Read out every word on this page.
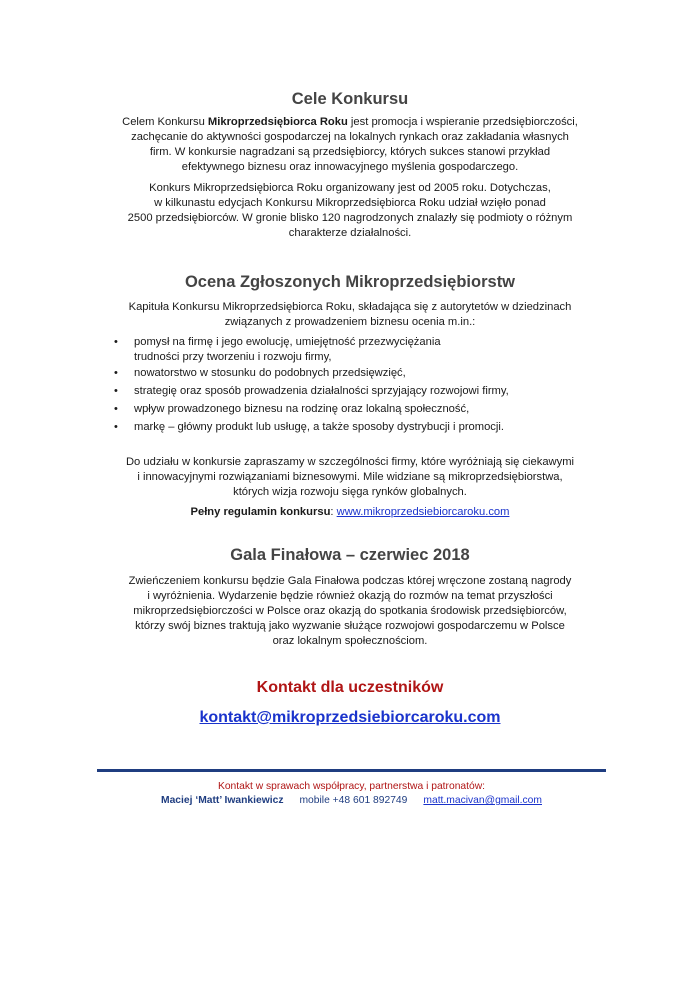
Cele Konkursu

Celem Konkursu Mikroprzedsiębiorca Roku jest promocja i wspieranie przedsiębiorczości,
zachęcanie do aktywności gospodarczej na lokalnych rynkach oraz zakładania własnych
firm. W konkursie nagradzani są przedsiębiorcy, których sukces stanowi przykład
efektywnego biznesu oraz innowacyjnego myślenia gospodarczego.

Konkurs Mikroprzedsiębiorca Roku organizowany jest od 2005 roku. Dotychczas,
w kilkunastu edycjach Konkursu Mikroprzedsiębiorca Roku udział wzięło ponad
2500 przedsiębiorców. W gronie blisko 120 nagrodzonych znalazły się podmioty o różnym
charakterze działalności.

Ocena Zgłoszonych Mikroprzedsiębiorstw

Kapituła Konkursu Mikroprzedsiębiorca Roku, składająca się z autorytetów w dziedzinach
związanych z prowadzeniem biznesu ocenia m.in.:

• pomysł na firmę i jego ewolucję, umiejętność przezwyciężania
trudności przy tworzeniu i rozwoju firmy,
• nowatorstwo w stosunku do podobnych przedsięwzięć,
• strategię oraz sposób prowadzenia działalności sprzyjający rozwojowi firmy,
• wpływ prowadzonego biznesu na rodzinę oraz lokalną społeczność,
• markę – główny produkt lub usługę, a także sposoby dystrybucji i promocji.

Do udziału w konkursie zapraszamy w szczególności firmy, które wyróżniają się ciekawymi
i innowacyjnymi rozwiązaniami biznesowymi. Mile widziane są mikroprzedsiębiorstwa,
których wizja rozwoju sięga rynków globalnych.

Pełny regulamin konkursu: www.mikroprzedsiebiorcaroku.com

Gala Finałowa – czerwiec 2018

Zwieńczeniem konkursu będzie Gala Finałowa podczas której wręczone zostaną nagrody
i wyróżnienia. Wydarzenie będzie również okazją do rozmów na temat przyszłości
mikroprzedsiębiorczości w Polsce oraz okazją do spotkania środowisk przedsiębiorców,
którzy swój biznes traktują jako wyzwanie służące rozwojowi gospodarczemu w Polsce
oraz lokalnym społecznościom.

Kontakt dla uczestników
kontakt@mikroprzedsiebiorcaroku.com
Kontakt w sprawach współpracy, partnerstwa i patronatów:
Maciej ‘Matt’ Iwankiewicz mobile +48 601 892749 matt.macivan@gmail.com
